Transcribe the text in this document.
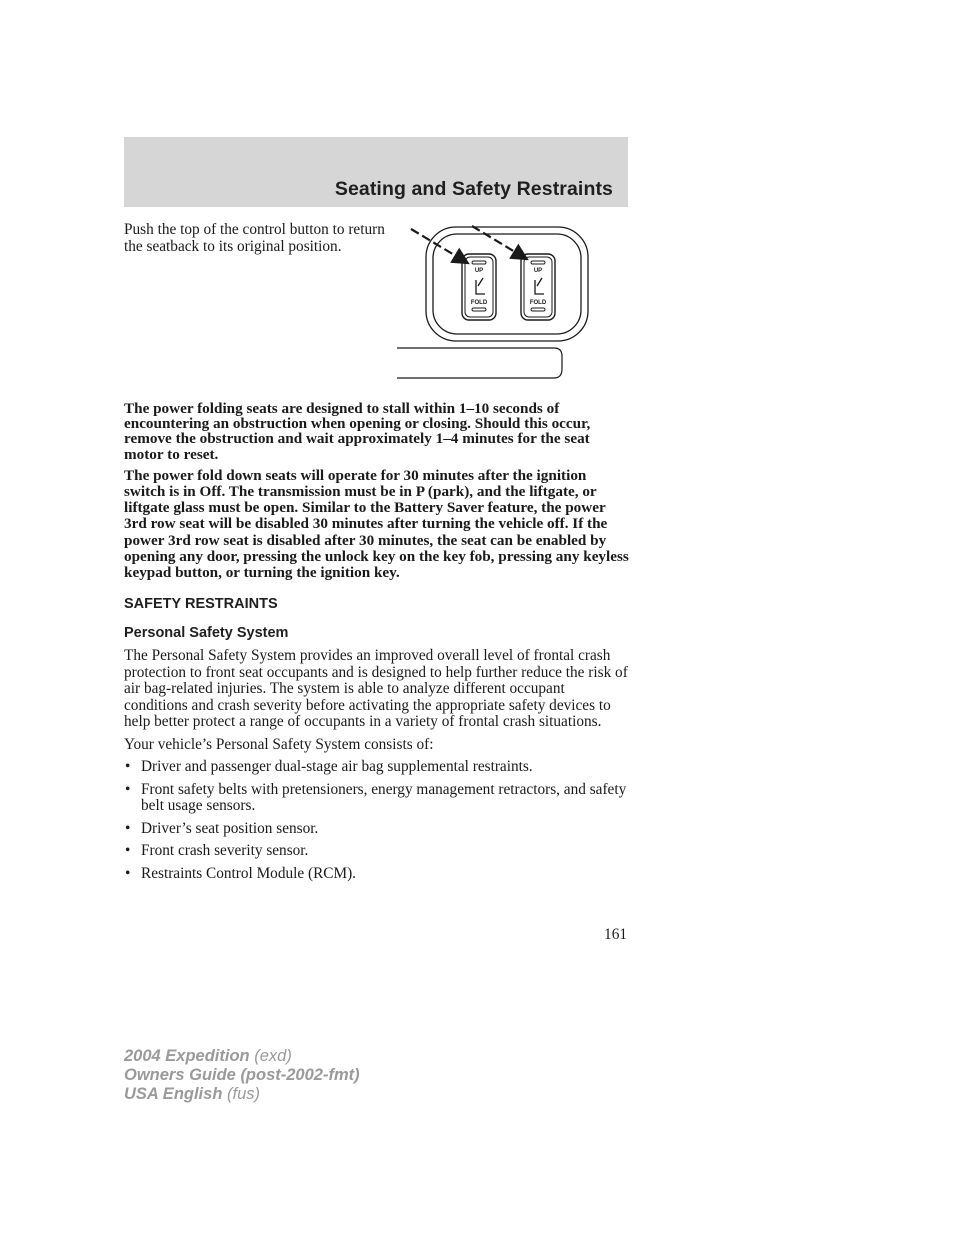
Seating and Safety Restraints

Push the top of the control button to return the seatback to its original position.

UP
FOLD
UP
FOLD

The power folding seats are designed to stall within 1–10 seconds of encountering an obstruction when opening or closing. Should this occur, remove the obstruction and wait approximately 1–4 minutes for the seat motor to reset.

The power fold down seats will operate for 30 minutes after the ignition switch is in Off. The transmission must be in P (park), and the liftgate, or liftgate glass must be open. Similar to the Battery Saver feature, the power 3rd row seat will be disabled 30 minutes after turning the vehicle off. If the power 3rd row seat is disabled after 30 minutes, the seat can be enabled by opening any door, pressing the unlock key on the key fob, pressing any keyless keypad button, or turning the ignition key.

SAFETY RESTRAINTS
Personal Safety System

The Personal Safety System provides an improved overall level of frontal crash protection to front seat occupants and is designed to help further reduce the risk of air bag-related injuries. The system is able to analyze different occupant conditions and crash severity before activating the appropriate safety devices to help better protect a range of occupants in a variety of frontal crash situations.

Your vehicle’s Personal Safety System consists of:

• Driver and passenger dual-stage air bag supplemental restraints.
• Front safety belts with pretensioners, energy management retractors, and safety belt usage sensors.
• Driver’s seat position sensor.
• Front crash severity sensor.
• Restraints Control Module (RCM).

161

2004 Expedition (exd)
Owners Guide (post-2002-fmt)
USA English (fus)
